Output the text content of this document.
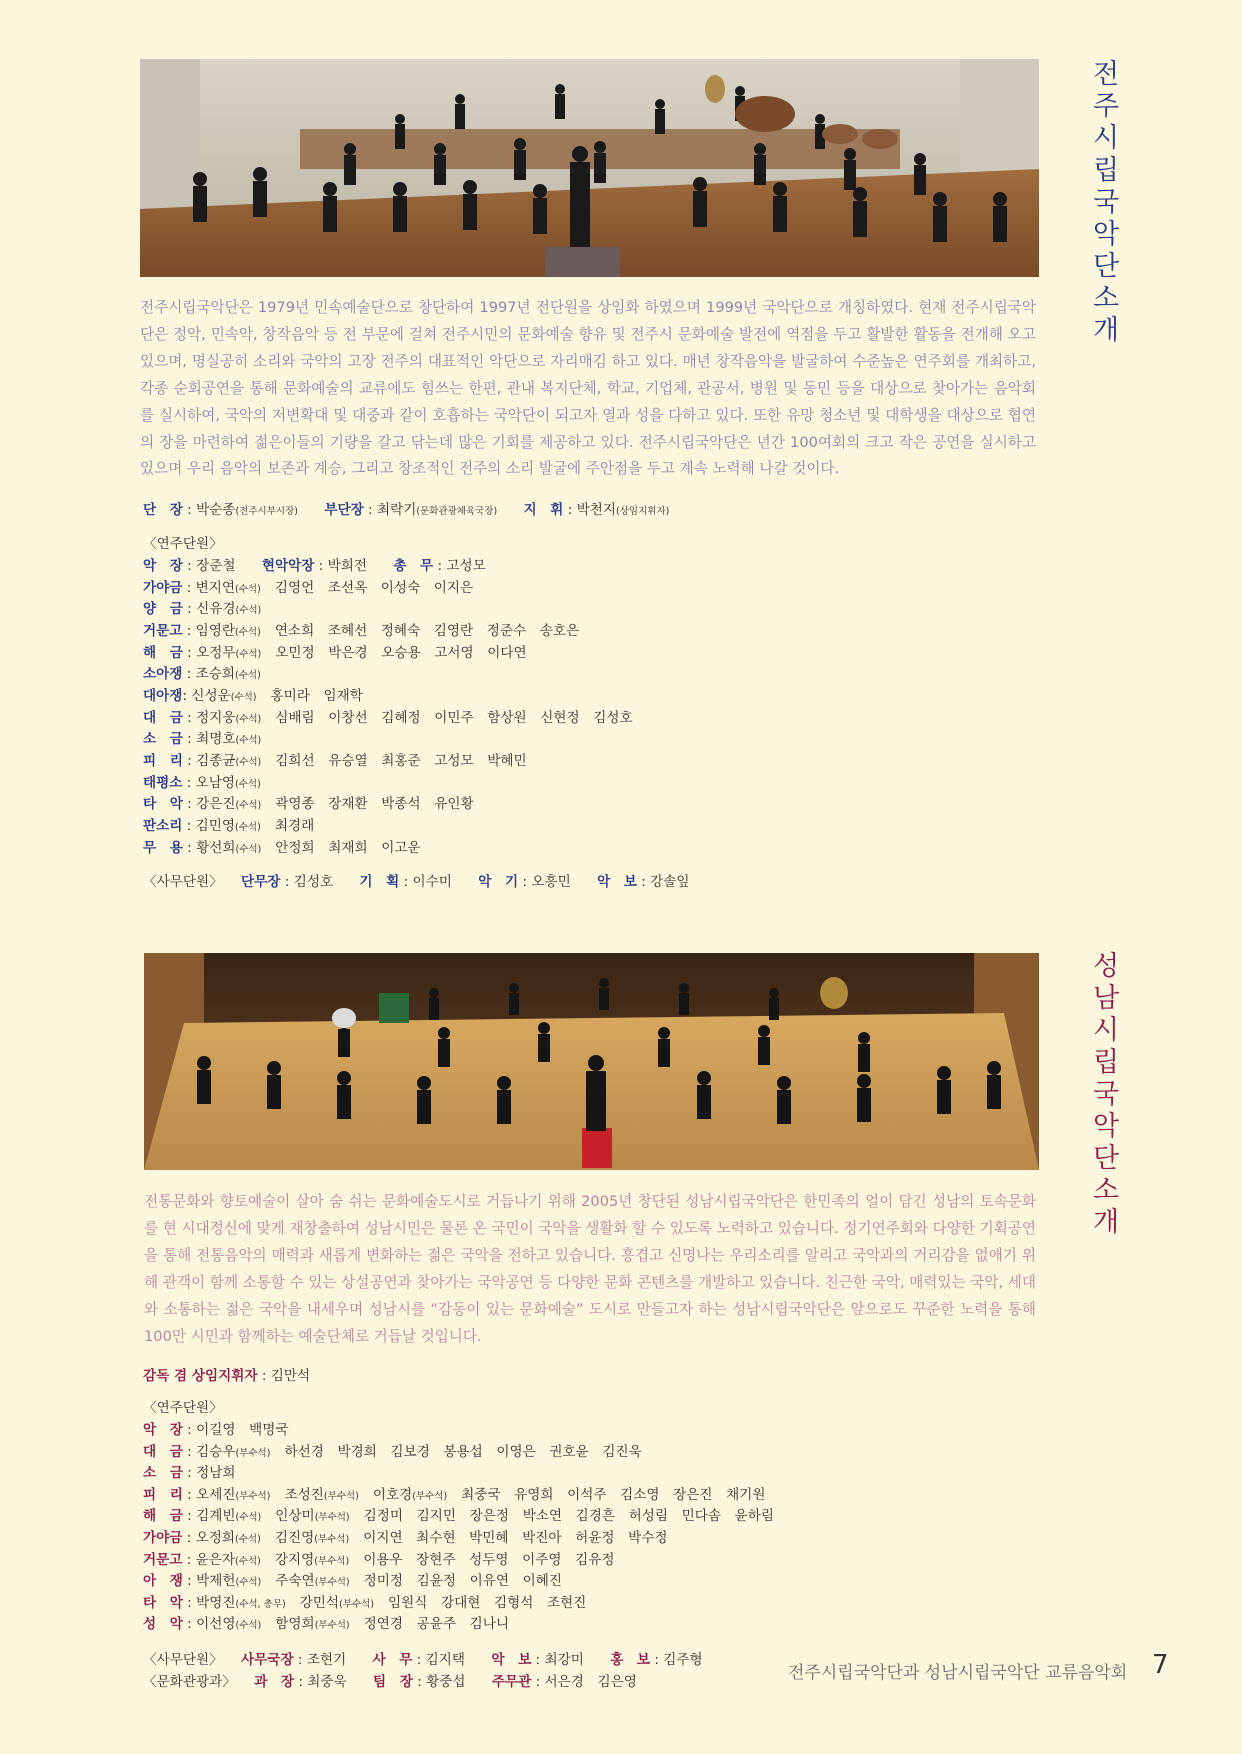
전주시립국악단 소개
전주시립국악단은 1979년 민속예술단으로 창단하여 1997년 전단원을 상임화 하였으며 1999년 국악단으로 개칭하였다. 현재 전주시립국악단은 정악, 민속악, 창작음악 등 전 부문에 걸쳐 전주시민의 문화예술 향유 및 전주시 문화예술 발전에 역점을 두고 활발한 활동을 전개해 오고 있으며, 명실공히 소리와 국악의 고장 전주의 대표적인 악단으로 자리매김 하고 있다. 매년 창작음악을 발굴하여 수준높은 연주회를 개최하고, 각종 순회공연을 통해 문화예술의 교류에도 힘쓰는 한편, 관내 복지단체, 학교, 기업체, 관공서, 병원 및 동민 등을 대상으로 찾아가는 음악회를 실시하여, 국악의 저변확대 및 대중과 같이 호흡하는 국악단이 되고자 열과 성을 다하고 있다. 또한 유망 청소년 및 대학생을 대상으로 협연의 장을 마련하여 젊은이들의 기량을 갈고 닦는데 많은 기회를 제공하고 있다. 전주시립국악단은 년간 100여회의 크고 작은 공연을 실시하고 있으며 우리 음악의 보존과 계승, 그리고 창조적인 전주의 소리 발굴에 주안점을 두고 계속 노력해 나갈 것이다.
단　장 : 박순종(전주시부시장) 부단장 : 최락기(문화관광체육국장) 지　휘 : 박천지(상임지휘자)
〈연주단원〉
악　장 : 장준철 현악악장 : 박희전 총　무 : 고성모
가야금 : 변지연(수석) 김영언　조선옥　이성숙　이지은
양　금 : 신유경(수석)
거문고 : 임영란(수석) 연소희　조혜선　정혜숙　김영란　정준수　송호은
해　금 : 오정무(수석) 오민정　박은경　오승용　고서영　이다연
소아쟁 : 조승희(수석)
대아쟁: 신성운(수석) 홍미라　임재학
대　금 : 정지웅(수석) 심배림　이창선　김혜정　이민주　함상원　신현정　김성호
소　금 : 최명호(수석)
피　리 : 김종균(수석) 김희선　유승열　최홍준　고성모　박혜민
태평소 : 오남영(수석)
타　악 : 강은진(수석) 곽영종　장재환　박종석　유인황
판소리 : 김민영(수석) 최경래
무　용 : 황선희(수석) 안정희　최재희　이고운
〈사무단원〉 단무장 : 김성호 기　획 : 이수미 악　기 : 오흥민 악　보 : 강솔잎
성남시립국악단 소개
전통문화와 향토예술이 살아 숨 쉬는 문화예술도시로 거듭나기 위해 2005년 창단된 성남시립국악단은 한민족의 얼이 담긴 성남의 토속문화를 현 시대정신에 맞게 재창출하여 성남시민은 물론 온 국민이 국악을 생활화 할 수 있도록 노력하고 있습니다. 정기연주회와 다양한 기획공연을 통해 전통음악의 매력과 새롭게 변화하는 젊은 국악을 전하고 있습니다. 흥겹고 신명나는 우리소리를 알리고 국악과의 거리감을 없애기 위해 관객이 함께 소통할 수 있는 상설공연과 찾아가는 국악공연 등 다양한 문화 콘텐츠를 개발하고 있습니다. 친근한 국악, 매력있는 국악, 세대와 소통하는 젊은 국악을 내세우며 성남시를 “감동이 있는 문화예술” 도시로 만들고자 하는 성남시립국악단은 앞으로도 꾸준한 노력을 통해 100만 시민과 함께하는 예술단체로 거듭날 것입니다.
감독 겸 상임지휘자 : 김만석
〈연주단원〉
악　장 : 이길영　백명국
대　금 : 김승우(부수석) 하선경　박경희　김보경　봉용섭　이영은　권호윤　김진욱
소　금 : 정남희
피　리 : 오세진(부수석) 조성진(부수석) 이호경(부수석) 최중국　유영희　이석주　김소영　장은진　채기원
해　금 : 김계빈(수석) 인상미(부수석) 김정미　김지민　장은정　박소연　김경흔　허성림　민다솜　윤하림
가야금 : 오정희(수석) 김진영(부수석) 이지연　최수현　박민혜　박진아　허윤정　박수정
거문고 : 윤은자(수석) 강지영(부수석) 이용우　장현주　성두영　이주영　김유정
아　쟁 : 박제헌(수석) 주숙연(부수석) 정미정　김윤정　이유연　이혜진
타　악 : 박영진(수석, 총무) 강민석(부수석) 임원식　강대현　김형석　조현진
성　악 : 이선영(수석) 함영희(부수석) 정연경　공윤주　김나니
〈사무단원〉 사무국장 : 조현기 사　무 : 김지택 악　보 : 최강미 홍　보 : 김주형
〈문화관광과〉 과　장 : 최중욱 팀　장 : 황중섭 주무관 : 서은경　김은영	전주시립국악단과 성남시립국악단 교류음악회 7
